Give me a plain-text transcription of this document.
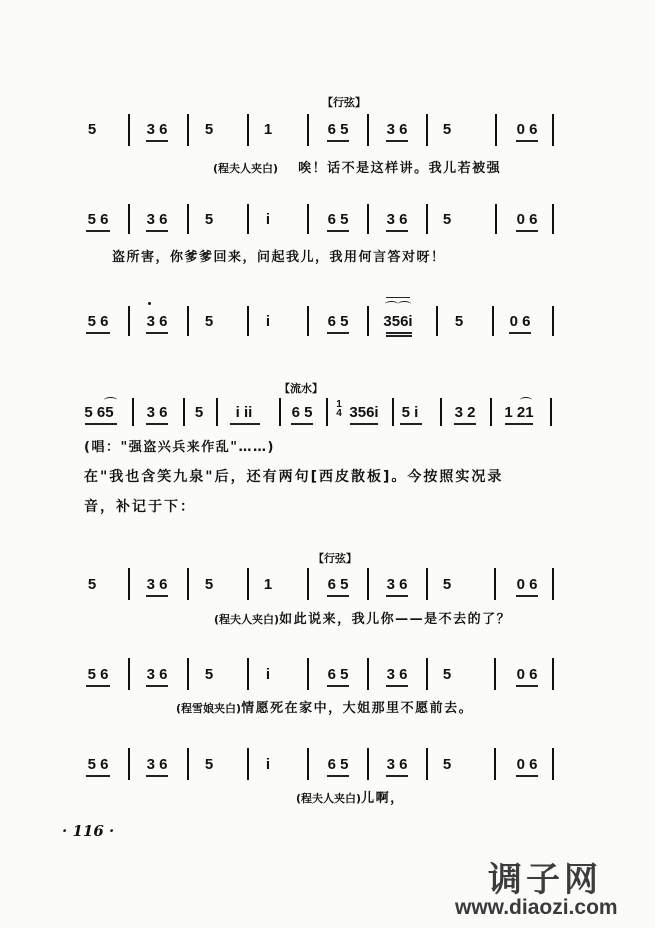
【行弦】
5	3 6 5	1	6 5	3 6 5	0 6
(程夫人夹白) 唉！话不是这样讲。我儿若被强
5 6	3 6 5	i	6 5	3 6 5	0 6
盗所害，你爹爹回来，问起我儿，我用何言答对呀！
5 6	3 6 5	i	6 5 356i	5	0 6
【流水】
5 65 3 6 5 i ii	6 5 1
4 356i 5 i 3 2 1 21
(唱："强盗兴兵来作乱"……)
在"我也含笑九泉"后，还有两句[西皮散板]。今按照实况录
音，补记于下：
【行弦】
5	3 6 5	1	6 5	3 6 5	0 6
(程夫人夹白)如此说来，我儿你——是不去的了？
5 6	3 6 5	i	6 5	3 6 5	0 6
(程雪娘夹白)情愿死在家中，大姐那里不愿前去。
5 6	3 6 5	i	6 5	3 6 5	0 6
(程夫人夹白)儿啊，
· 116 ·
调子网
www.diaozi.com
